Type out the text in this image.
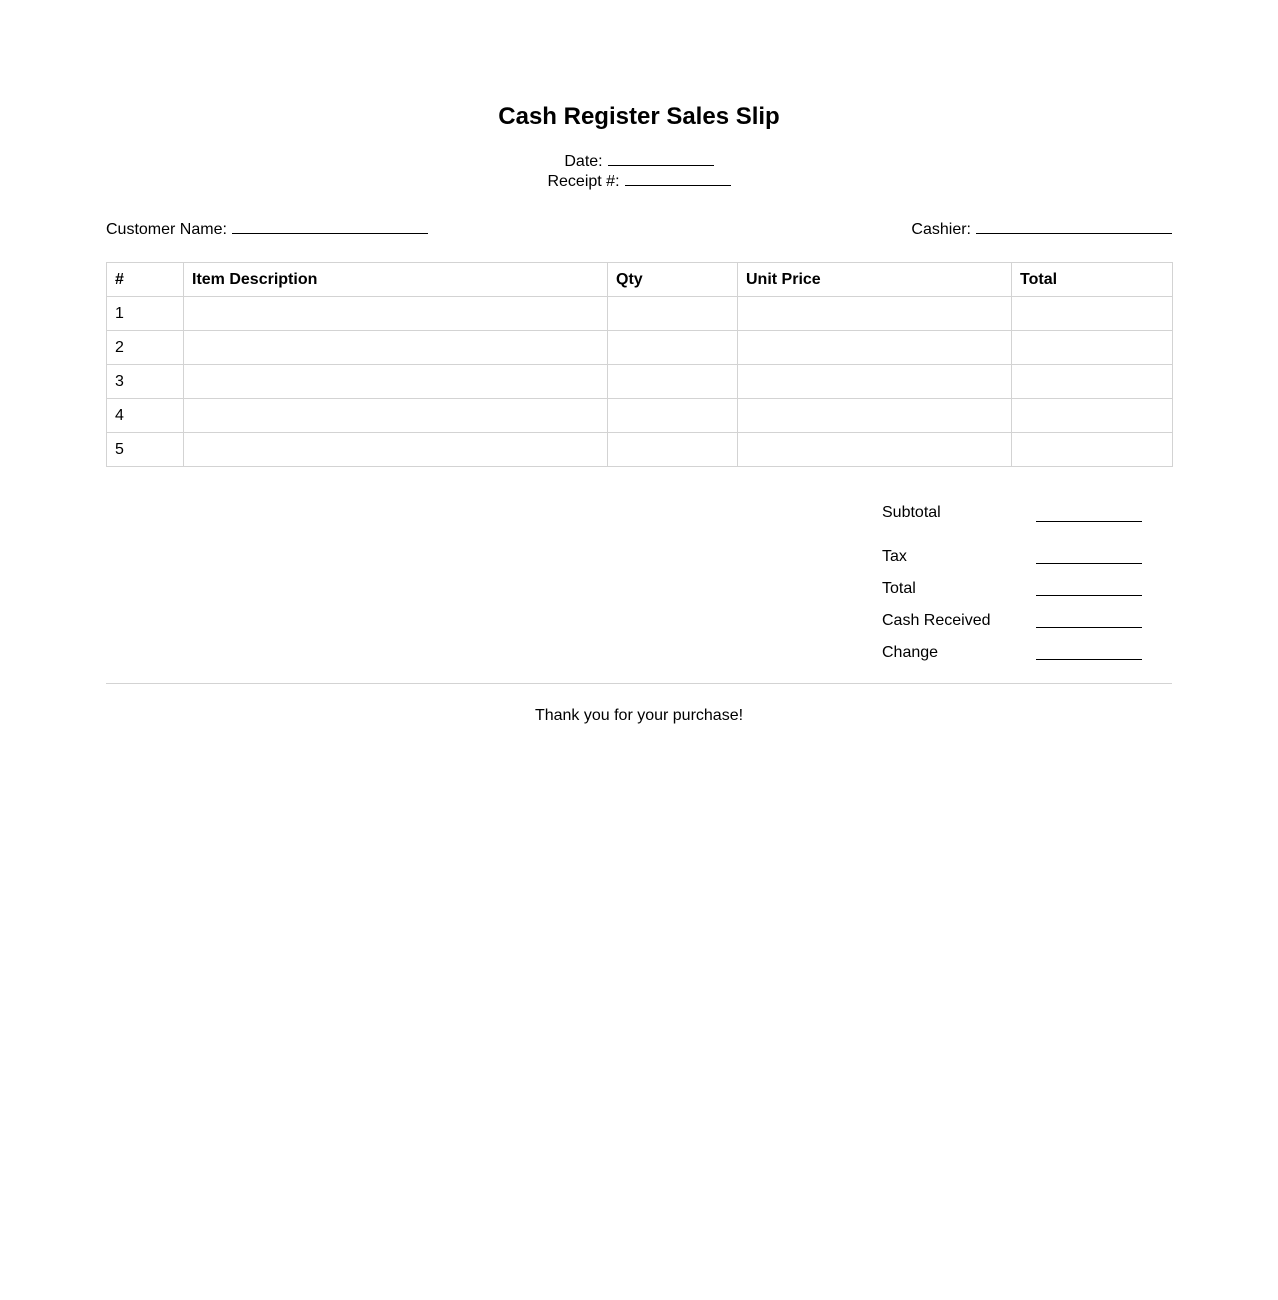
Cash Register Sales Slip
Date:
Receipt #:
Customer Name:	Cashier:
#	Item Description	Qty	Unit Price	Total
1				
2				
3				
4				
5				
Subtotal
Tax
Total
Cash Received
Change
Thank you for your purchase!
